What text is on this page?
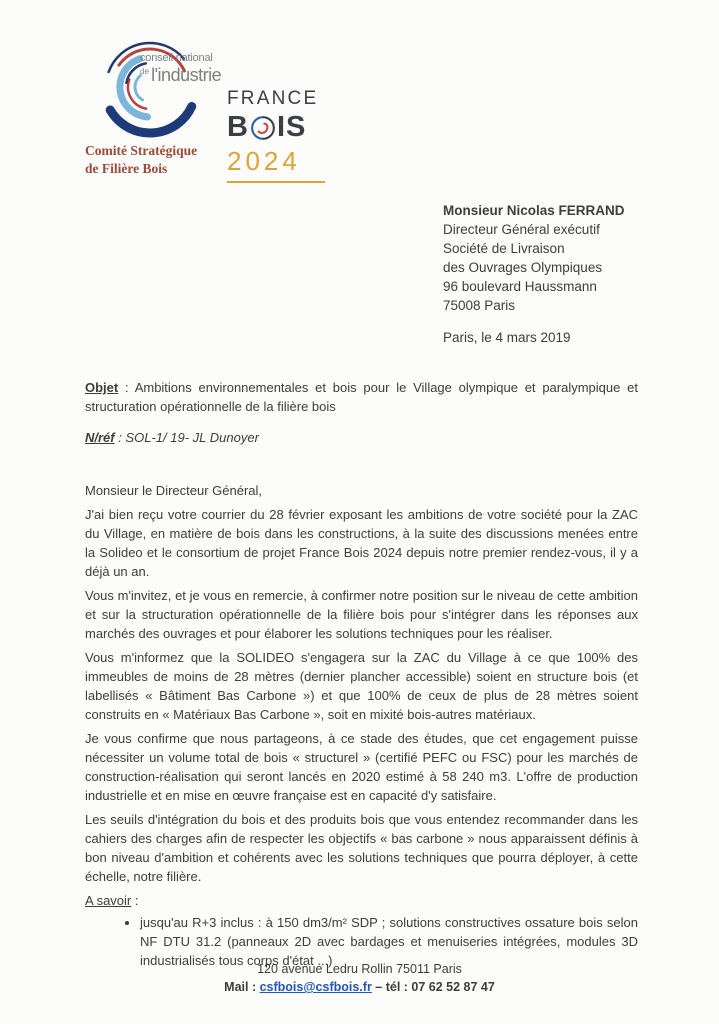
conseil national
$^{de}$ l'industrie
Comité Stratégique
de Filière Bois
FRANCE
B IS
2024
Monsieur Nicolas FERRAND
Directeur Général exécutif
Société de Livraison
des Ouvrages Olympiques
96 boulevard Haussmann
75008 Paris
Paris, le 4 mars 2019

Objet : Ambitions environnementales et bois pour le Village olympique et paralympique et structuration opérationnelle de la filière bois

N/réf : SOL-1/ 19- JL Dunoyer

Monsieur le Directeur Général,

J'ai bien reçu votre courrier du 28 février exposant les ambitions de votre société pour la ZAC du Village, en matière de bois dans les constructions, à la suite des discussions menées entre la Solideo et le consortium de projet France Bois 2024 depuis notre premier rendez-vous, il y a déjà un an.

Vous m'invitez, et je vous en remercie, à confirmer notre position sur le niveau de cette ambition et sur la structuration opérationnelle de la filière bois pour s'intégrer dans les réponses aux marchés des ouvrages et pour élaborer les solutions techniques pour les réaliser.

Vous m'informez que la SOLIDEO s'engagera sur la ZAC du Village à ce que 100% des immeubles de moins de 28 mètres (dernier plancher accessible) soient en structure bois (et labellisés « Bâtiment Bas Carbone ») et que 100% de ceux de plus de 28 mètres soient construits en « Matériaux Bas Carbone », soit en mixité bois-autres matériaux.

Je vous confirme que nous partageons, à ce stade des études, que cet engagement puisse nécessiter un volume total de bois « structurel » (certifié PEFC ou FSC) pour les marchés de construction-réalisation qui seront lancés en 2020 estimé à 58 240 m3. L'offre de production industrielle et en mise en œuvre française est en capacité d'y satisfaire.

Les seuils d'intégration du bois et des produits bois que vous entendez recommander dans les cahiers des charges afin de respecter les objectifs « bas carbone » nous apparaissent définis à bon niveau d'ambition et cohérents avec les solutions techniques que pourra déployer, à cette échelle, notre filière.

A savoir :

• jusqu'au R+3 inclus : à 150 dm3/m² SDP ; solutions constructives ossature bois selon NF DTU 31.2 (panneaux 2D avec bardages et menuiseries intégrées, modules 3D industrialisés tous corps d'état ...)
120 avenue Ledru Rollin 75011 Paris
Mail : csfbois@csfbois.fr – tél : 07 62 52 87 47
